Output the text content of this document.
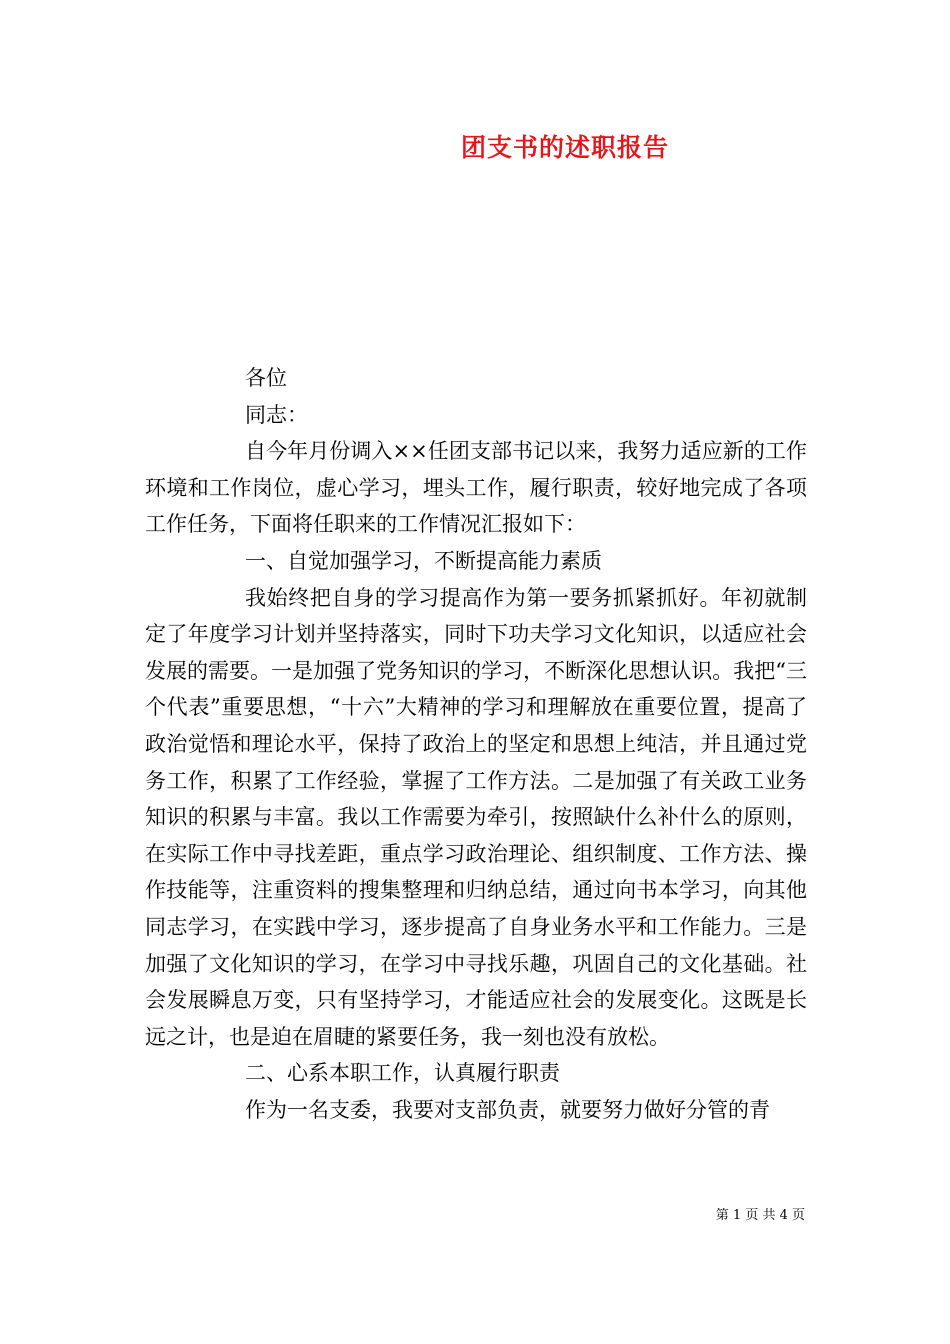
团支书的述职报告

各位

同志：

自今年月份调入××任团支部书记以来，我努力适应新的工作环境和工作岗位，虚心学习，埋头工作，履行职责，较好地完成了各项工作任务，下面将任职来的工作情况汇报如下：

一、自觉加强学习，不断提高能力素质

我始终把自身的学习提高作为第一要务抓紧抓好。年初就制定了年度学习计划并坚持落实，同时下功夫学习文化知识，以适应社会发展的需要。一是加强了党务知识的学习，不断深化思想认识。我把“三个代表”重要思想，“十六”大精神的学习和理解放在重要位置，提高了政治觉悟和理论水平，保持了政治上的坚定和思想上纯洁，并且通过党务工作，积累了工作经验，掌握了工作方法。二是加强了有关政工业务知识的积累与丰富。我以工作需要为牵引，按照缺什么补什么的原则，在实际工作中寻找差距，重点学习政治理论、组织制度、工作方法、操作技能等，注重资料的搜集整理和归纳总结，通过向书本学习，向其他同志学习，在实践中学习，逐步提高了自身业务水平和工作能力。三是加强了文化知识的学习，在学习中寻找乐趣，巩固自己的文化基础。社会发展瞬息万变，只有坚持学习，才能适应社会的发展变化。这既是长远之计，也是迫在眉睫的紧要任务，我一刻也没有放松。

二、心系本职工作，认真履行职责

作为一名支委，我要对支部负责，就要努力做好分管的青

第 1 页 共 4 页
